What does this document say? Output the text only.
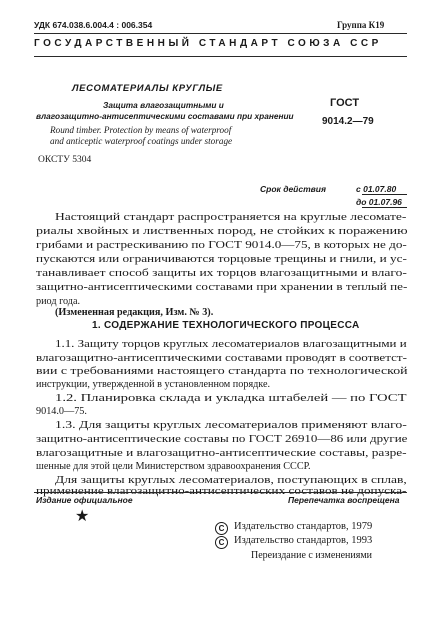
УДК 674.038.6.004.4 : 006.354	Группа К19

ГОСУДАРСТВЕННЫЙ СТАНДАРТ СОЮЗА ССР

ЛЕСОМАТЕРИАЛЫ КРУГЛЫЕ

Защита влагозащитными и

влагозащитно-антисептическими составами при хранении

Round timber. Protection by means of waterproof

and anticeptic waterproof coatings under storage

ГОСТ

9014.2—79

ОКСТУ 5304

Срок действия	с 01.07.80

до 01.07.96

Настоящий стандарт распространяется на круглые лесомате-

риалы хвойных и лиственных пород, не стойких к поражению

грибами и растрескиванию по ГОСТ 9014.0—75, в которых не до-

пускаются или ограничиваются торцовые трещины и гнили, и ус-

танавливает способ защиты их торцов влагозащитными и влаго-

защитно-антисептическими составами при хранении в теплый пе-

риод года.

(Измененная редакция, Изм. № 3).

1. СОДЕРЖАНИЕ ТЕХНОЛОГИЧЕСКОГО ПРОЦЕССА

1.1. Защиту торцов круглых лесоматериалов влагозащитными и

влагозащитно-антисептическими составами проводят в соответст-

вии с требованиями настоящего стандарта по технологической

инструкции, утвержденной в установленном порядке.

1.2. Планировка склада и укладка штабелей — по ГОСТ

9014.0—75.

1.3. Для защиты круглых лесоматериалов применяют влаго-

защитно-антисептические составы по ГОСТ 26910—86 или другие

влагозащитные и влагозащитно-антисептические составы, разре-

шенные для этой цели Министерством здравоохранения СССР.

Для защиты круглых лесоматериалов, поступающих в сплав,

Издание официальное	Перепечатка воспрещена

★

C Издательство стандартов, 1979
C Издательство стандартов, 1993

Переиздание с изменениями
